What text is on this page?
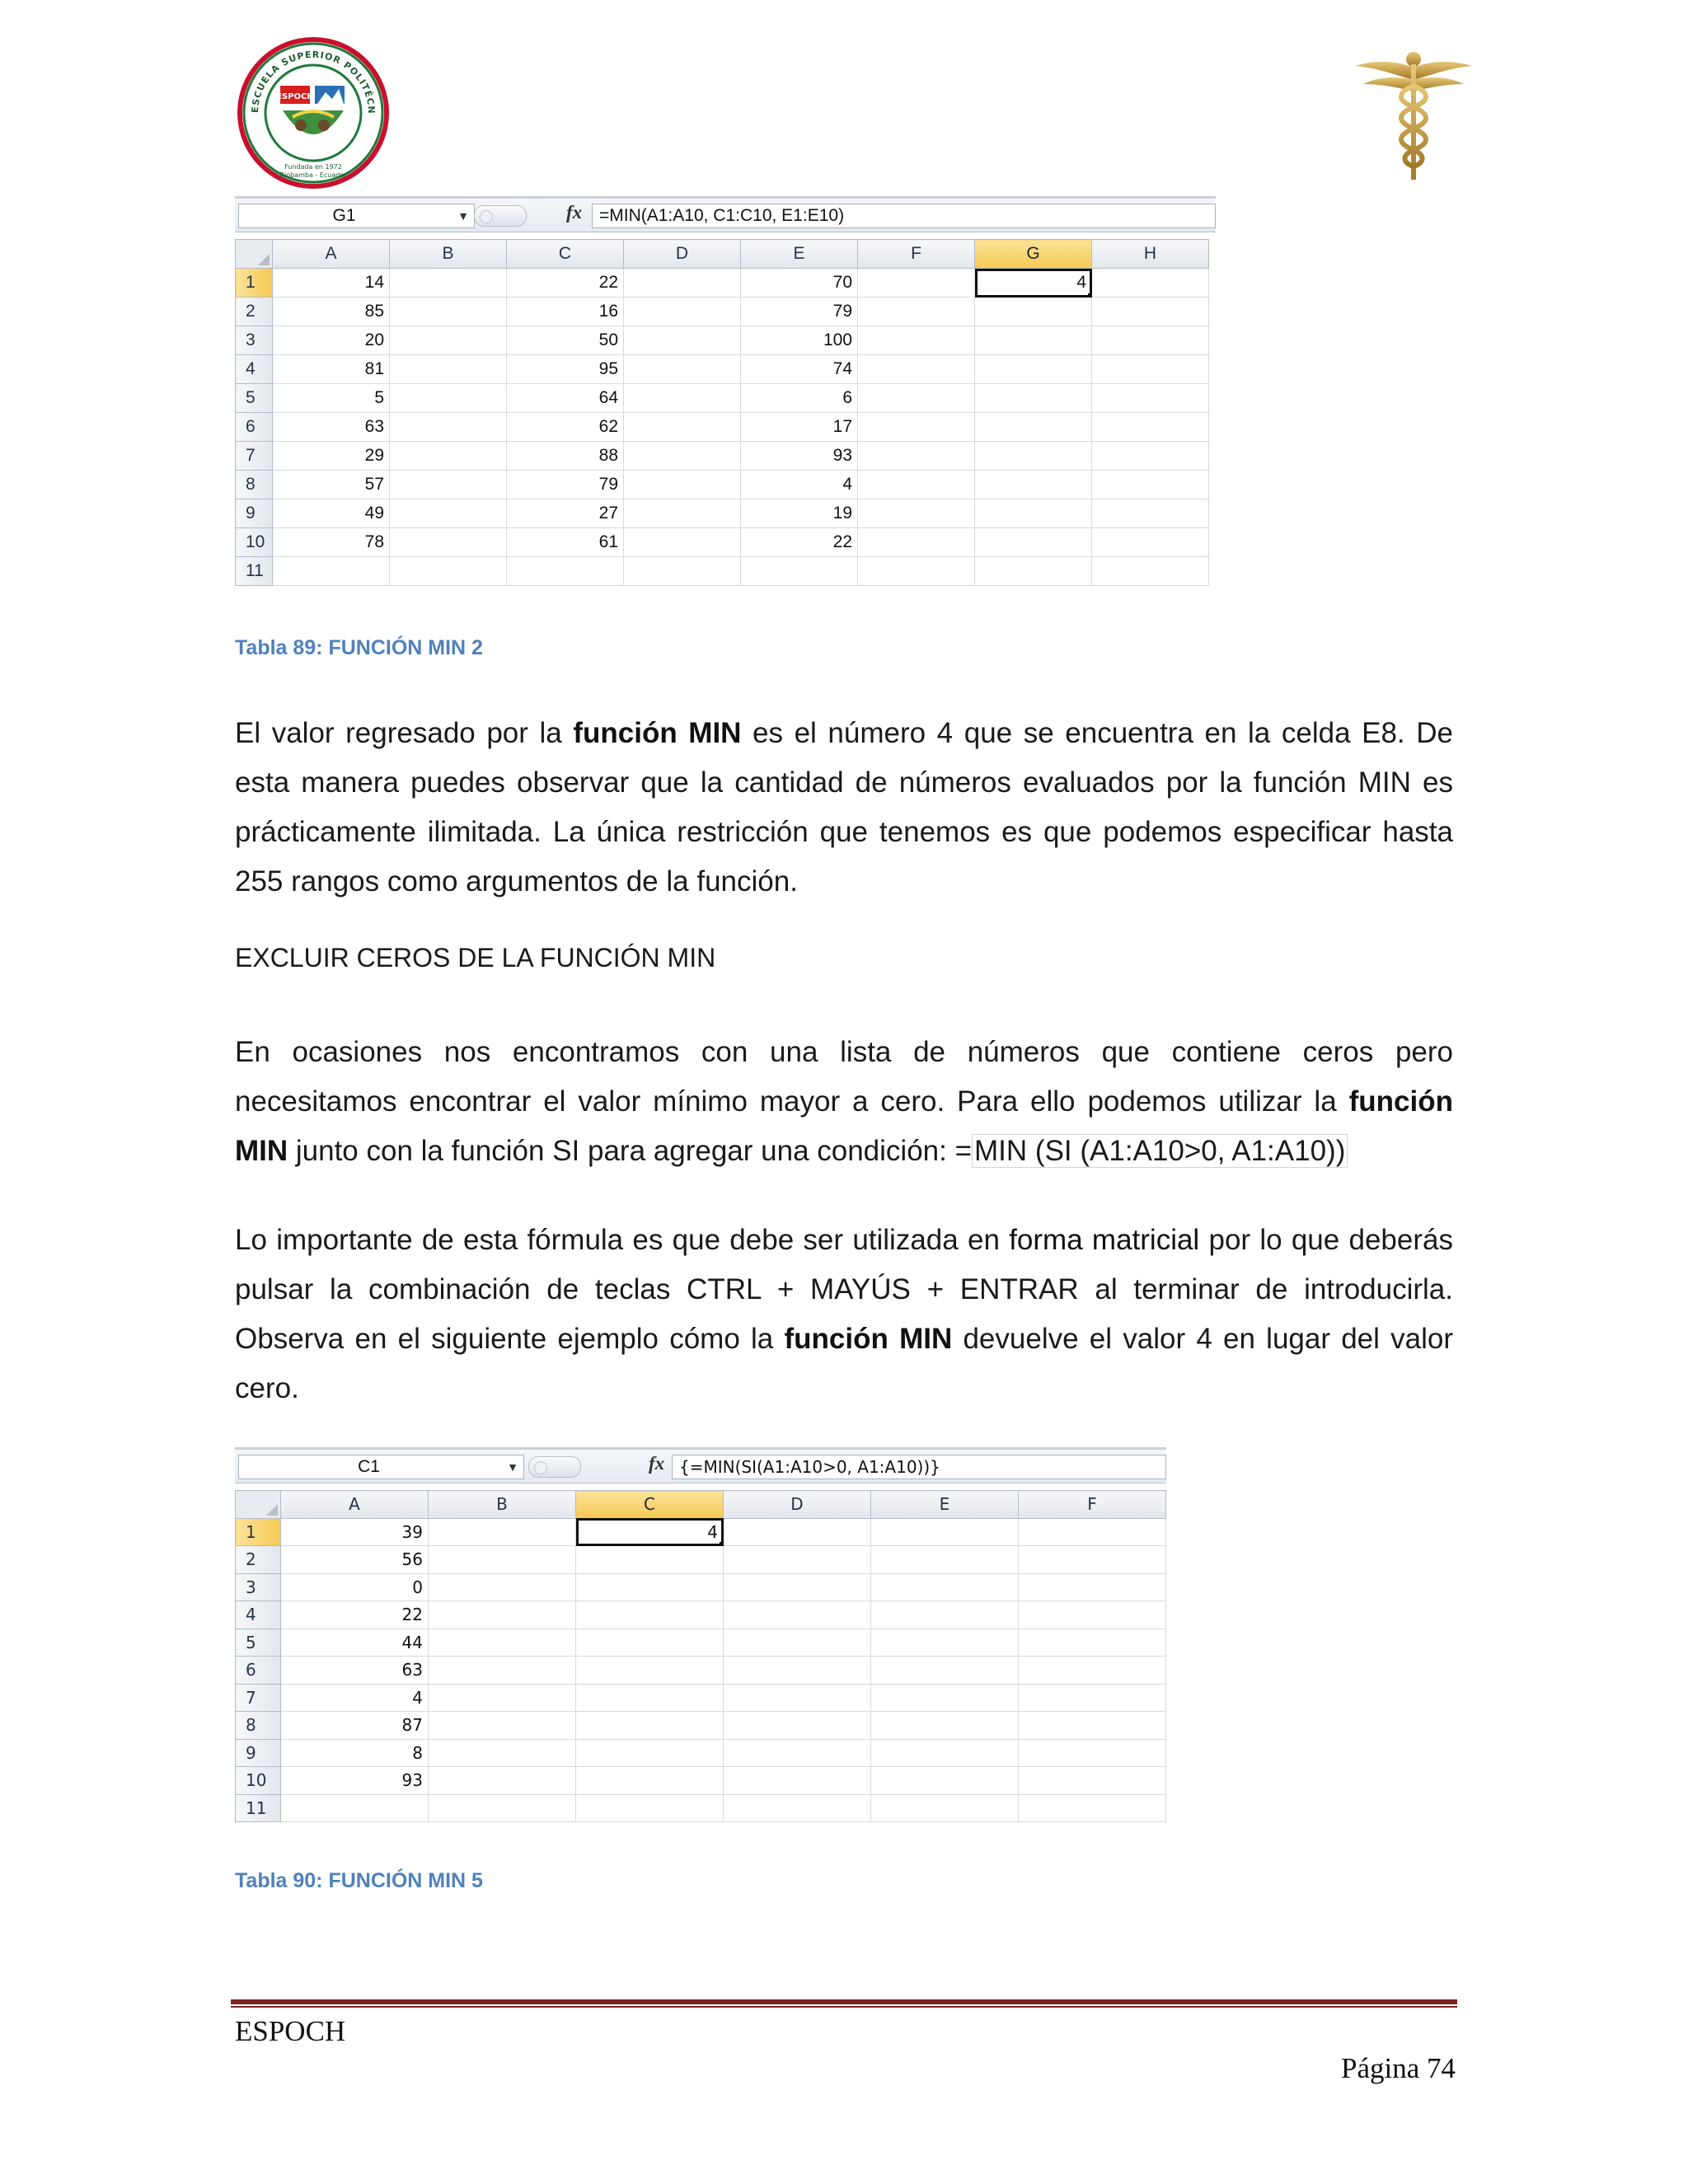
ESCUELA SUPERIOR POLITÉCN
ESPOCH
Fundada en 1972
Riobamba - Ecuador
G1	▼	fx =MIN(A1:A10, C1:C10, E1:E10)
	A	B	C	D	E	F	G	H
1	14		22		70		4	
2	85		16		79			
3	20		50		100			
4	81		95		74			
5	5		64		6			
6	63		62		17			
7	29		88		93			
8	57		79		4			
9	49		27		19			
10	78		61		22			
11								
Tabla 89: FUNCIÓN MIN 2

El valor regresado por la función MIN es el número 4 que se encuentra en la celda E8. De esta manera puedes observar que la cantidad de números evaluados por la función MIN es prácticamente ilimitada. La única restricción que tenemos es que podemos especificar hasta 255 rangos como argumentos de la función.

EXCLUIR CEROS DE LA FUNCIÓN MIN

En ocasiones nos encontramos con una lista de números que contiene ceros pero necesitamos encontrar el valor mínimo mayor a cero. Para ello podemos utilizar la función MIN junto con la función SI para agregar una condición: =MIN (SI (A1:A10>0, A1:A10))

Lo importante de esta fórmula es que debe ser utilizada en forma matricial por lo que deberás pulsar la combinación de teclas CTRL + MAYÚS + ENTRAR al terminar de introducirla. Observa en el siguiente ejemplo cómo la función MIN devuelve el valor 4 en lugar del valor cero.

C1	▼	fx {=MIN(SI(A1:A10>0, A1:A10))}
	A	B	C	D	E	F
1	39		4			
2	56					
3	0					
4	22					
5	44					
6	63					
7	4					
8	87					
9	8					
10	93					
11						
Tabla 90: FUNCIÓN MIN 5
ESPOCH
Página 74
